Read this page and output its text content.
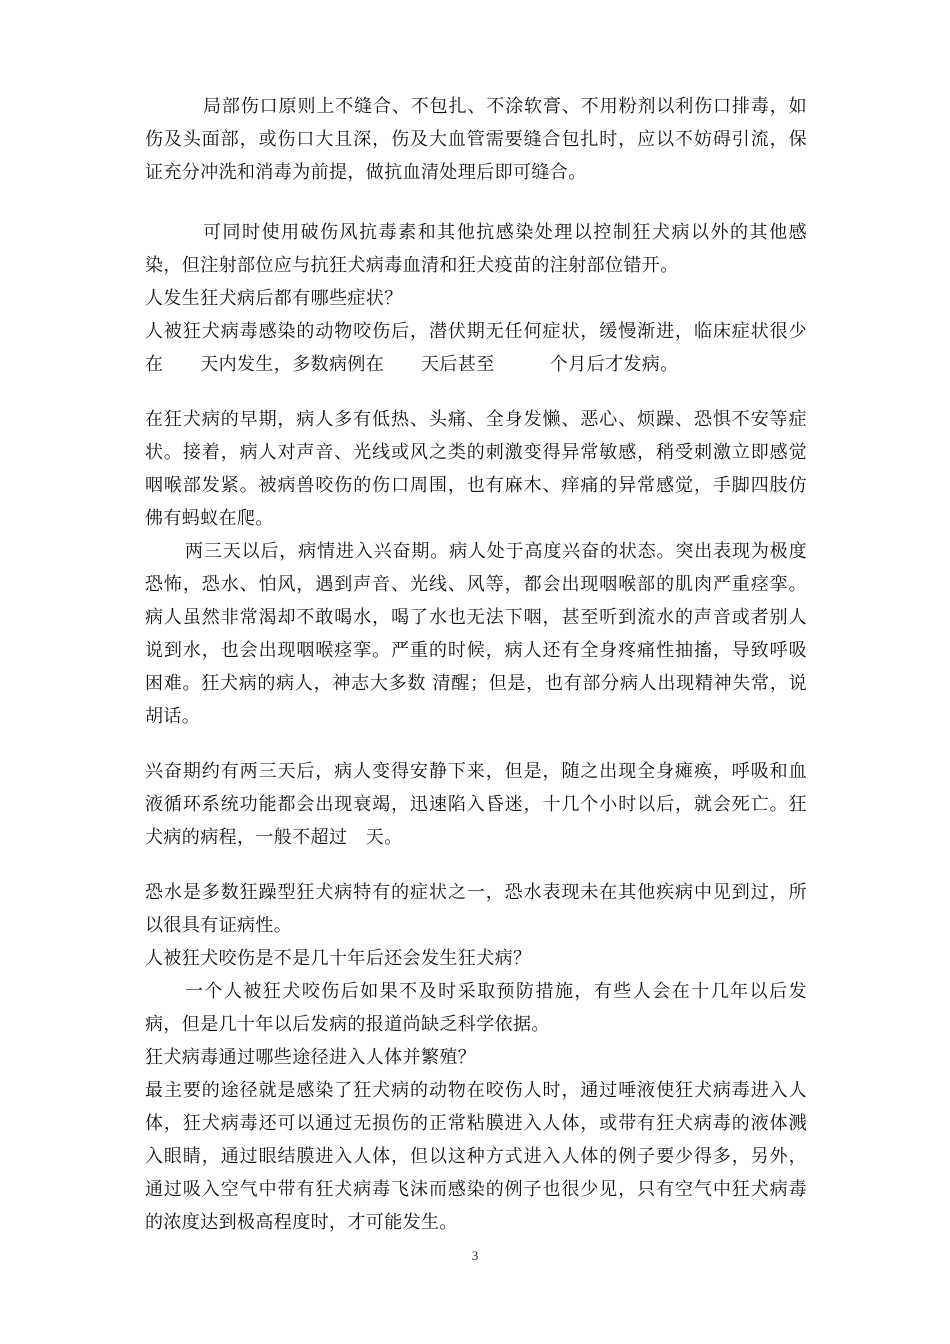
局部伤口原则上不缝合、不包扎、不涂软膏、不用粉剂以利伤口排毒，如伤及头面部，或伤口大且深，伤及大血管需要缝合包扎时，应以不妨碍引流，保证充分冲洗和消毒为前提，做抗血清处理后即可缝合。

可同时使用破伤风抗毒素和其他抗感染处理以控制狂犬病以外的其他感染，但注射部位应与抗狂犬病毒血清和狂犬疫苗的注射部位错开。

人发生狂犬病后都有哪些症状？

人被狂犬病毒感染的动物咬伤后，潜伏期无任何症状，缓慢渐进，临床症状很少在　　天内发生，多数病例在　　天后甚至　　　个月后才发病。

在狂犬病的早期，病人多有低热、头痛、全身发懒、恶心、烦躁、恐惧不安等症状。接着，病人对声音、光线或风之类的刺激变得异常敏感，稍受刺激立即感觉咽喉部发紧。被病兽咬伤的伤口周围，也有麻木、痒痛的异常感觉，手脚四肢仿佛有蚂蚁在爬。

两三天以后，病情进入兴奋期。病人处于高度兴奋的状态。突出表现为极度恐怖，恐水、怕风，遇到声音、光线、风等，都会出现咽喉部的肌肉严重痉挛。病人虽然非常渴却不敢喝水，喝了水也无法下咽，甚至听到流水的声音或者别人说到水，也会出现咽喉痉挛。严重的时候，病人还有全身疼痛性抽搐，导致呼吸困难。狂犬病的病人，神志大多数 清醒；但是，也有部分病人出现精神失常，说胡话。

兴奋期约有两三天后，病人变得安静下来，但是，随之出现全身瘫痪，呼吸和血液循环系统功能都会出现衰竭，迅速陷入昏迷，十几个小时以后，就会死亡。狂犬病的病程，一般不超过　天。

恐水是多数狂躁型狂犬病特有的症状之一，恐水表现未在其他疾病中见到过，所以很具有证病性。

人被狂犬咬伤是不是几十年后还会发生狂犬病？

一个人被狂犬咬伤后如果不及时采取预防措施，有些人会在十几年以后发病，但是几十年以后发病的报道尚缺乏科学依据。

狂犬病毒通过哪些途径进入人体并繁殖？

最主要的途径就是感染了狂犬病的动物在咬伤人时，通过唾液使狂犬病毒进入人体，狂犬病毒还可以通过无损伤的正常粘膜进入人体，或带有狂犬病毒的液体溅入眼睛，通过眼结膜进入人体，但以这种方式进入人体的例子要少得多，另外，通过吸入空气中带有狂犬病毒飞沫而感染的例子也很少见，只有空气中狂犬病毒的浓度达到极高程度时，才可能发生。

3
